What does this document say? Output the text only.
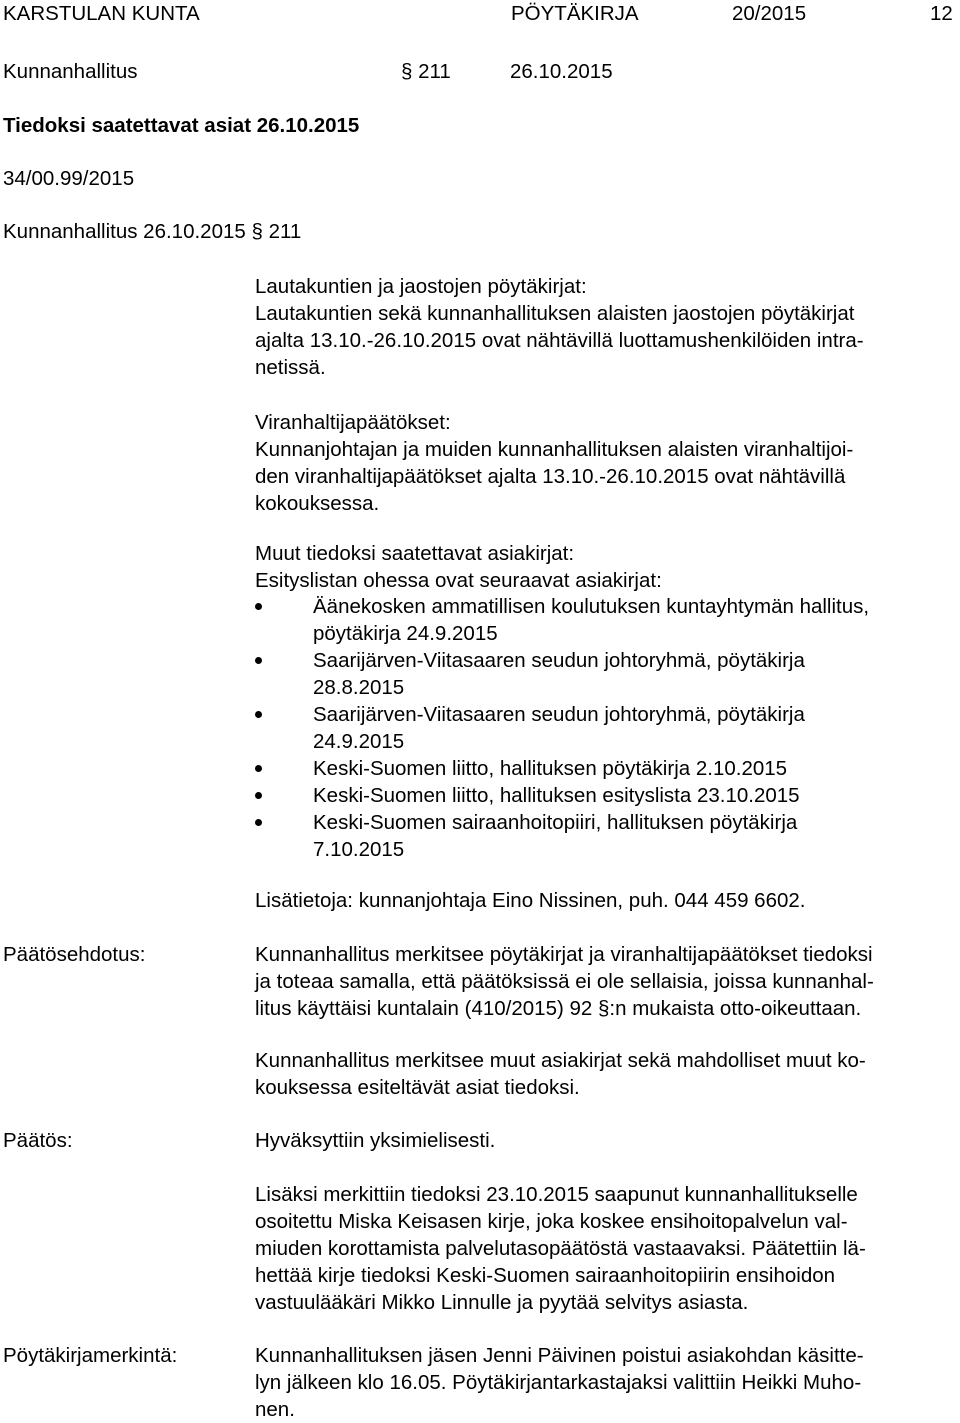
KARSTULAN KUNTA	PÖYTÄKIRJA	20/2015	12
Kunnanhallitus	§ 211	26.10.2015
Tiedoksi saatettavat asiat 26.10.2015
34/00.99/2015
Kunnanhallitus 26.10.2015 § 211
Lautakuntien ja jaostojen pöytäkirjat:
Lautakuntien sekä kunnanhallituksen alaisten jaostojen pöytäkirjat
ajalta 13.10.-26.10.2015 ovat nähtävillä luottamushenkilöiden intra-
netissä.
Viranhaltijapäätökset:
Kunnanjohtajan ja muiden kunnanhallituksen alaisten viranhaltijoi-
den viranhaltijapäätökset ajalta 13.10.-26.10.2015 ovat nähtävillä
kokouksessa.
Muut tiedoksi saatettavat asiakirjat:
Esityslistan ohessa ovat seuraavat asiakirjat:
Äänekosken ammatillisen koulutuksen kuntayhtymän hallitus,
pöytäkirja 24.9.2015
Saarijärven-Viitasaaren seudun johtoryhmä, pöytäkirja
28.8.2015
Saarijärven-Viitasaaren seudun johtoryhmä, pöytäkirja
24.9.2015
Keski-Suomen liitto, hallituksen pöytäkirja 2.10.2015
Keski-Suomen liitto, hallituksen esityslista 23.10.2015
Keski-Suomen sairaanhoitopiiri, hallituksen pöytäkirja
7.10.2015
Lisätietoja: kunnanjohtaja Eino Nissinen, puh. 044 459 6602.
Päätösehdotus:	Kunnanhallitus merkitsee pöytäkirjat ja viranhaltijapäätökset tiedoksi
ja toteaa samalla, että päätöksissä ei ole sellaisia, joissa kunnanhal-
litus käyttäisi kuntalain (410/2015) 92 §:n mukaista otto-oikeuttaan.
Kunnanhallitus merkitsee muut asiakirjat sekä mahdolliset muut ko-
kouksessa esiteltävät asiat tiedoksi.
Päätös:	Hyväksyttiin yksimielisesti.
Lisäksi merkittiin tiedoksi 23.10.2015 saapunut kunnanhallitukselle
osoitettu Miska Keisasen kirje, joka koskee ensihoitopalvelun val-
miuden korottamista palvelutasopäätöstä vastaavaksi. Päätettiin lä-
hettää kirje tiedoksi Keski-Suomen sairaanhoitopiirin ensihoidon
vastuulääkäri Mikko Linnulle ja pyytää selvitys asiasta.
Pöytäkirjamerkintä:	Kunnanhallituksen jäsen Jenni Päivinen poistui asiakohdan käsitte-
lyn jälkeen klo 16.05. Pöytäkirjantarkastajaksi valittiin Heikki Muho-
nen.
